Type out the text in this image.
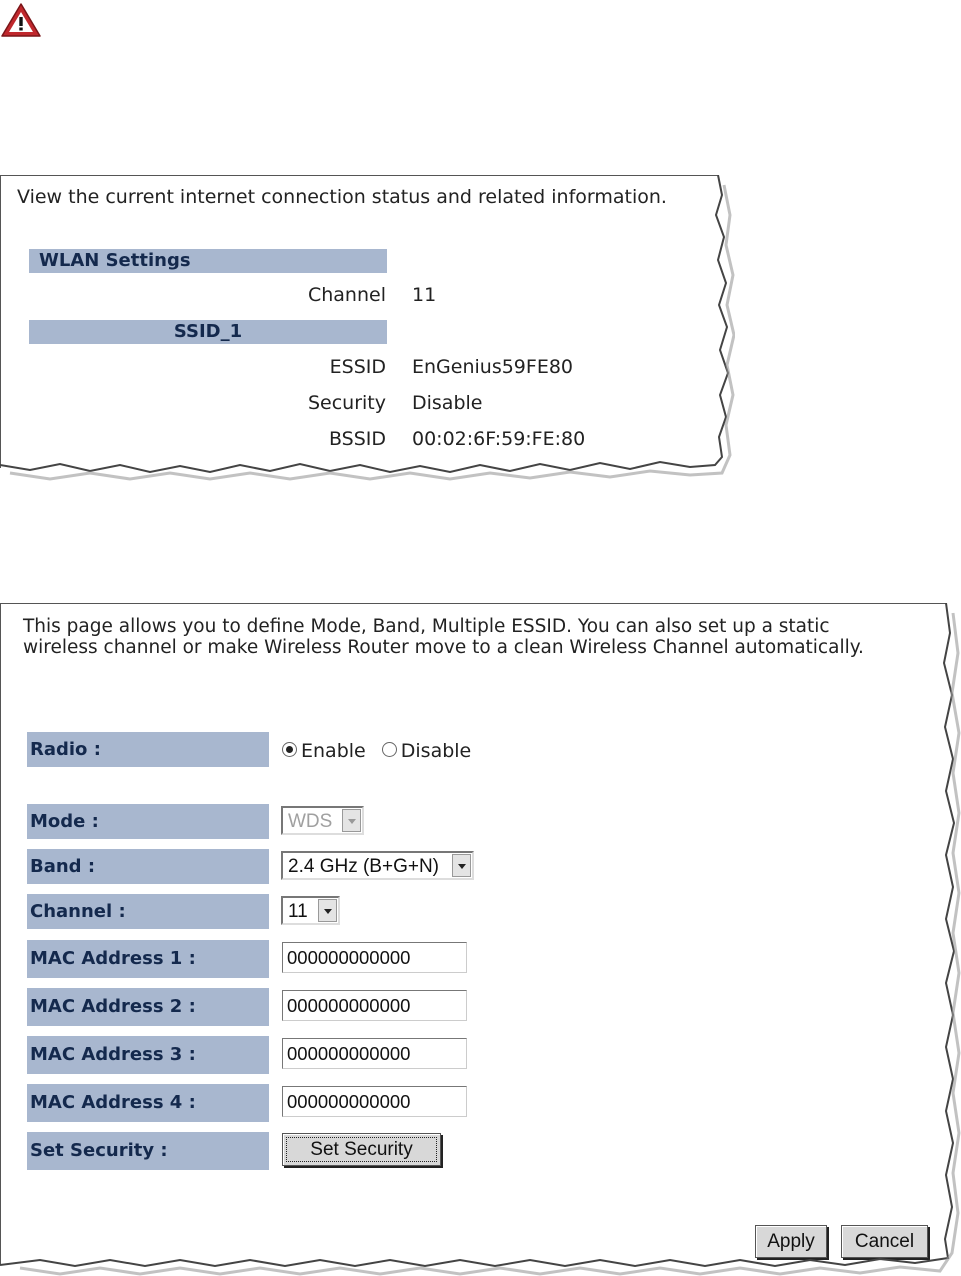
View the current internet connection status and related information.
WLAN Settings
Channel 11
SSID_1
ESSID EnGenius59FE80
Security Disable
BSSID 00:02:6F:59:FE:80
This page allows you to define Mode, Band, Multiple ESSID. You can also set up a static
wireless channel or make Wireless Router move to a clean Wireless Channel automatically.
Radio :	Enable Disable
Mode :	WDS
Band :	2.4 GHz (B+G+N)
Channel :	11
MAC Address 1 :	000000000000
MAC Address 2 :	000000000000
MAC Address 3 :	000000000000
MAC Address 4 :	000000000000
Set Security :	Set Security
Apply	Cancel
